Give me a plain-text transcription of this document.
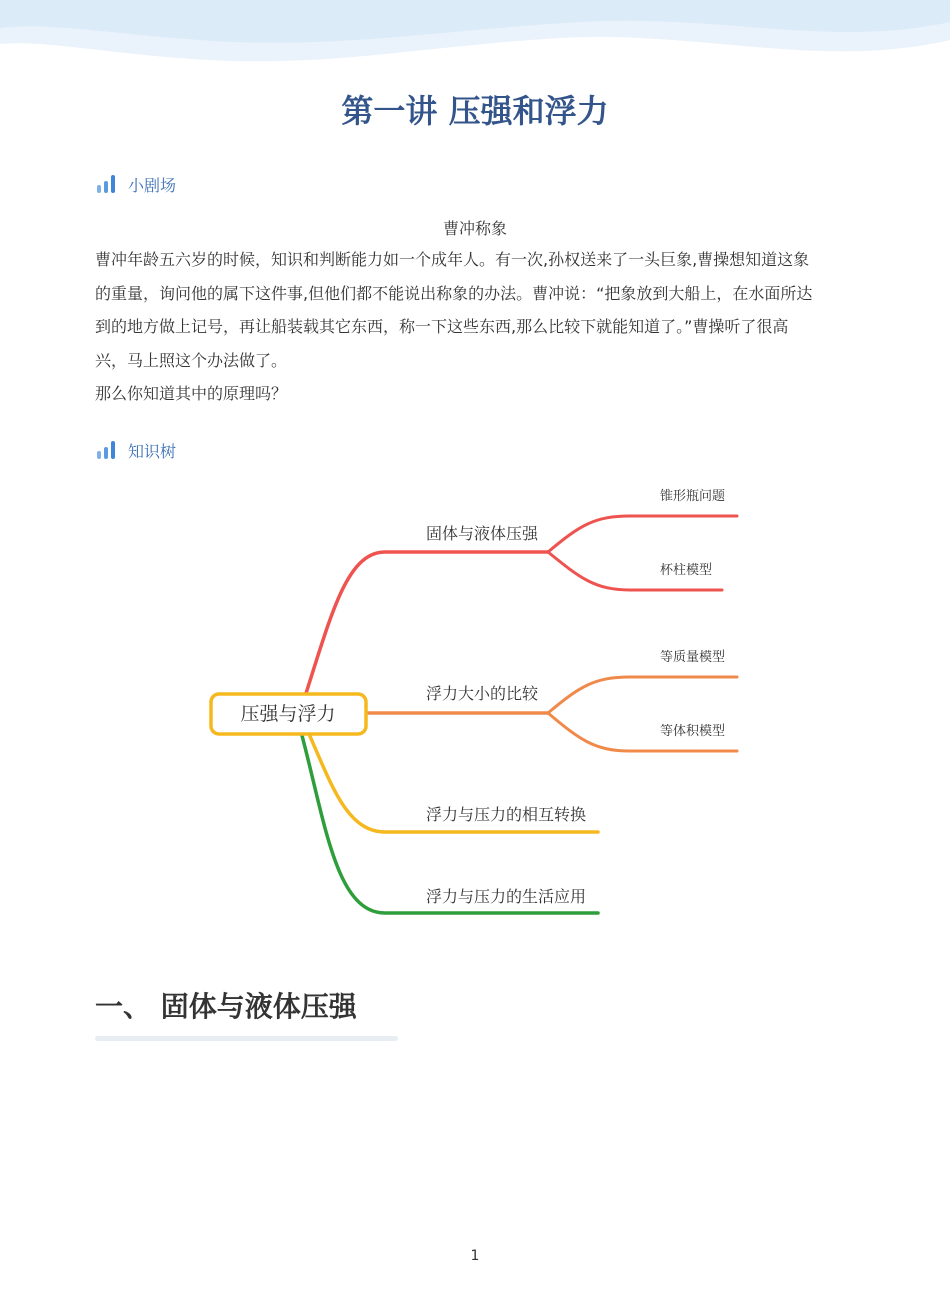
第一讲 压强和浮力
小剧场
曹冲称象
曹冲年龄五六岁的时候，知识和判断能力如一个成年人。有一次,孙权送来了一头巨象,曹操想知道这象
的重量，询问他的属下这件事,但他们都不能说出称象的办法。曹冲说：“把象放到大船上，在水面所达
到的地方做上记号，再让船装载其它东西，称一下这些东西,那么比较下就能知道了。”曹操听了很高
兴，马上照这个办法做了。
那么你知道其中的原理吗？
知识树
压强与浮力
固体与液体压强
锥形瓶问题
杯柱模型
浮力大小的比较
等质量模型
等体积模型
浮力与压力的相互转换
浮力与压力的生活应用
一、 固体与液体压强
1
